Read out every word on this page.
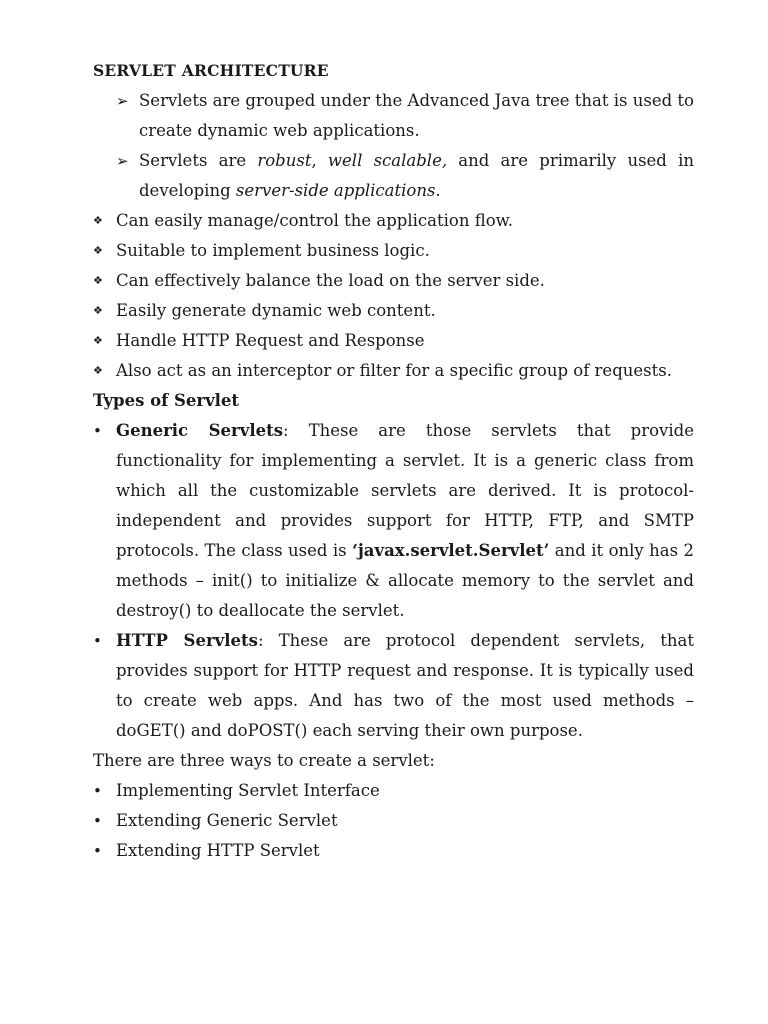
SERVLET ARCHITECTURE

➢ Servlets are grouped under the Advanced Java tree that is used to create dynamic web applications.
➢ Servlets are robust, well scalable, and are primarily used in developing server-side applications.
❖ Can easily manage/control the application flow.
❖ Suitable to implement business logic.
❖ Can effectively balance the load on the server side.
❖ Easily generate dynamic web content.
❖ Handle HTTP Request and Response
❖ Also act as an interceptor or filter for a specific group of requests.

Types of Servlet

• Generic Servlets: These are those servlets that provide functionality for implementing a servlet. It is a generic class from which all the customizable servlets are derived. It is protocol-independent and provides support for HTTP, FTP, and SMTP protocols. The class used is ‘javax.servlet.Servlet’ and it only has 2 methods – init() to initialize & allocate memory to the servlet and destroy() to deallocate the servlet.
• HTTP Servlets: These are protocol dependent servlets, that provides support for HTTP request and response. It is typically used to create web apps. And has two of the most used methods – doGET() and doPOST() each serving their own purpose.

There are three ways to create a servlet:

• Implementing Servlet Interface
• Extending Generic Servlet
• Extending HTTP Servlet
